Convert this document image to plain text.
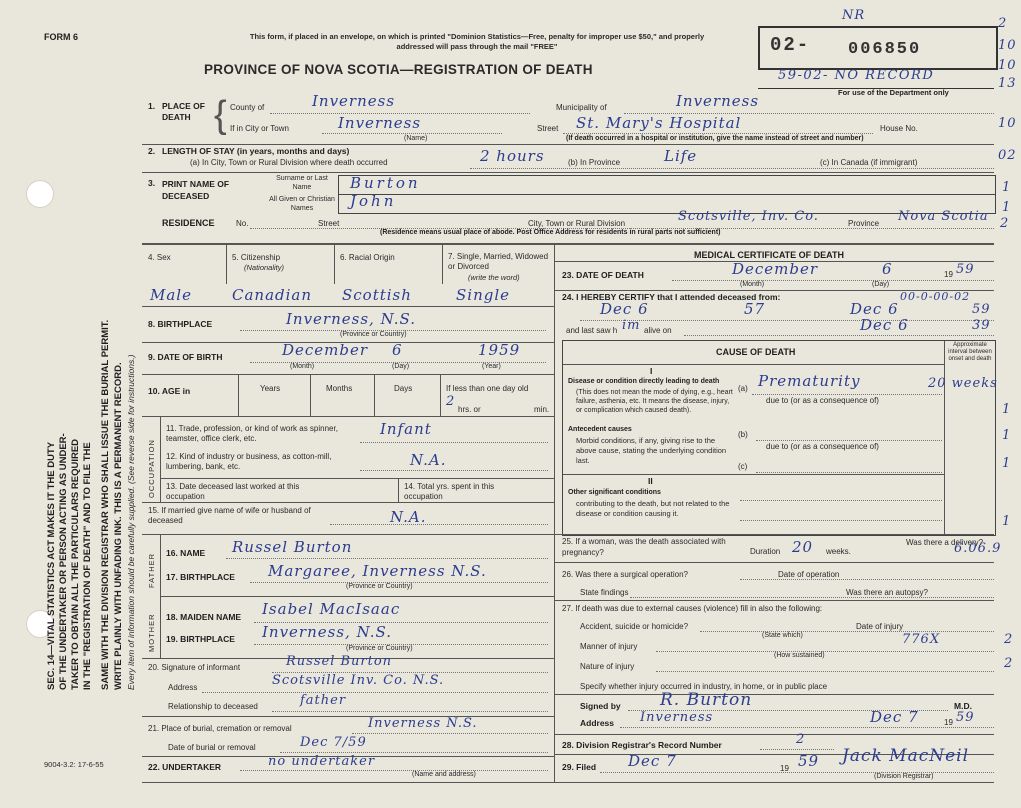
SEC. 14—VITAL STATISTICS ACT MAKES IT THE DUTY OF THE UNDERTAKER OR PERSON ACTING AS UNDER- TAKER TO OBTAIN ALL THE PARTICULARS REQUIRED IN THE "REGISTRATION OF DEATH" AND TO FILE THE SAME WITH THE DIVISION REGISTRAR WHO SHALL ISSUE THE BURIAL PERMIT. WRITE PLAINLY WITH UNFADING INK. THIS IS A PERMANENT RECORD. Every item of information should be carefully supplied. (See reverse side for instructions.)
FORM 6	This form, if placed in an envelope, on which is printed "Dominion Statistics—Free, penalty for improper use $50," and properly addressed will pass through the mail "FREE"
PROVINCE OF NOVA SCOTIA—REGISTRATION OF DEATH
02- 006850
NR
59-02- NO RECORD
For use of the Department only
2
10
10
13
10
02
1
1
2
1
1
1
1
2
2
1. PLACE OF DEATH { County of	Inverness	Municipality of	Inverness
If in City or Town	Inverness
(Name)
Street St. Mary's Hospital	House No.
(If death occurred in a hospital or institution, give the name instead of street and number)
2. LENGTH OF STAY (in years, months and days)
(a) In City, Town or Rural Division where death occurred	2 hours	(b) In Province	Life	(c) In Canada (if immigrant)
3. PRINT NAME OF DECEASED
Surname or Last Name	Burton
All Given or Christian Names	John
RESIDENCE	No.	Street	City, Town or Rural Division	Scotsville, Inv. Co.	Province Nova Scotia
(Residence means usual place of abode. Post Office Address for residents in rural parts not sufficient)
4. Sex	5. Citizenship
(Nationality)
6. Racial Origin	7. Single, Married, Widowed or Divorced
(write the word)
Male	Canadian Scottish	Single
8. BIRTHPLACE	Inverness, N.S.
(Province or Country)
9. DATE OF BIRTH	December 6	1959
(Month)	(Day)	(Year)
10. AGE in	Years	Months	Days	If less than one day old
2
hrs. or	min.
OCCUPATION
11. Trade, profession, or kind of work as spinner, teamster, office clerk, etc.
Infant
12. Kind of industry or business, as cotton-mill, lumbering, bank, etc.	N.A.
13. Date deceased last worked at this occupation
14. Total yrs. spent in this occupation
15. If married give name of wife or husband of deceased	N.A.
FATHER
MOTHER
16. NAME Russel Burton
17. BIRTHPLACE Margaree, Inverness N.S.
(Province or Country)
18. MAIDEN NAME Isabel MacIsaac
19. BIRTHPLACE Inverness, N.S.
(Province or Country)
20. Signature of informant	Russel Burton
Address	Scotsville Inv. Co. N.S.
Relationship to deceased	father
21. Place of burial, cremation or removal	Inverness N.S.
Date of burial or removal	Dec 7/59
22. UNDERTAKER	no undertaker
(Name and address)
MEDICAL CERTIFICATE OF DEATH
23. DATE OF DEATH	December	6	19 59
(Month)	(Day)
24. I HEREBY CERTIFY that I attended deceased from:	00-0-00-02
Dec 6	57	Dec 6	59
and last saw h im alive on	Dec 6	39
CAUSE OF DEATH
Approximate interval between onset and death
I
Disease or condition directly leading to death
(This does not mean the mode of dying, e.g., heart failure, asthenia, etc. It means the disease, injury, or complication which caused death).
(a) Prematurity	20 weeks
due to (or as a consequence of)
Antecedent causes
Morbid conditions, if any, giving rise to the above cause, stating the underlying condition last.
(b)
due to (or as a consequence of)
(c)
II
Other significant conditions
contributing to the death, but not related to the disease or condition causing it.
25. If a woman, was the death associated with pregnancy?	Duration 20 weeks.
Was there a delivery?
6.06.9
26. Was there a surgical operation?	Date of operation
State findings	Was there an autopsy?
27. If death was due to external causes (violence) fill in also the following:
Accident, suicide or homicide?	Date of injury
(State which)	776X
Manner of injury
(How sustained)
Nature of injury
Specify whether injury occurred in industry, in home, or in public place
Signed by R. Burton	M.D.
Address Inverness	19
Dec 7	59
28. Division Registrar's Record Number	2
29. Filed Dec 7	19 59 Jack MacNeil
(Division Registrar)
9004-3.2: 17-6-55
